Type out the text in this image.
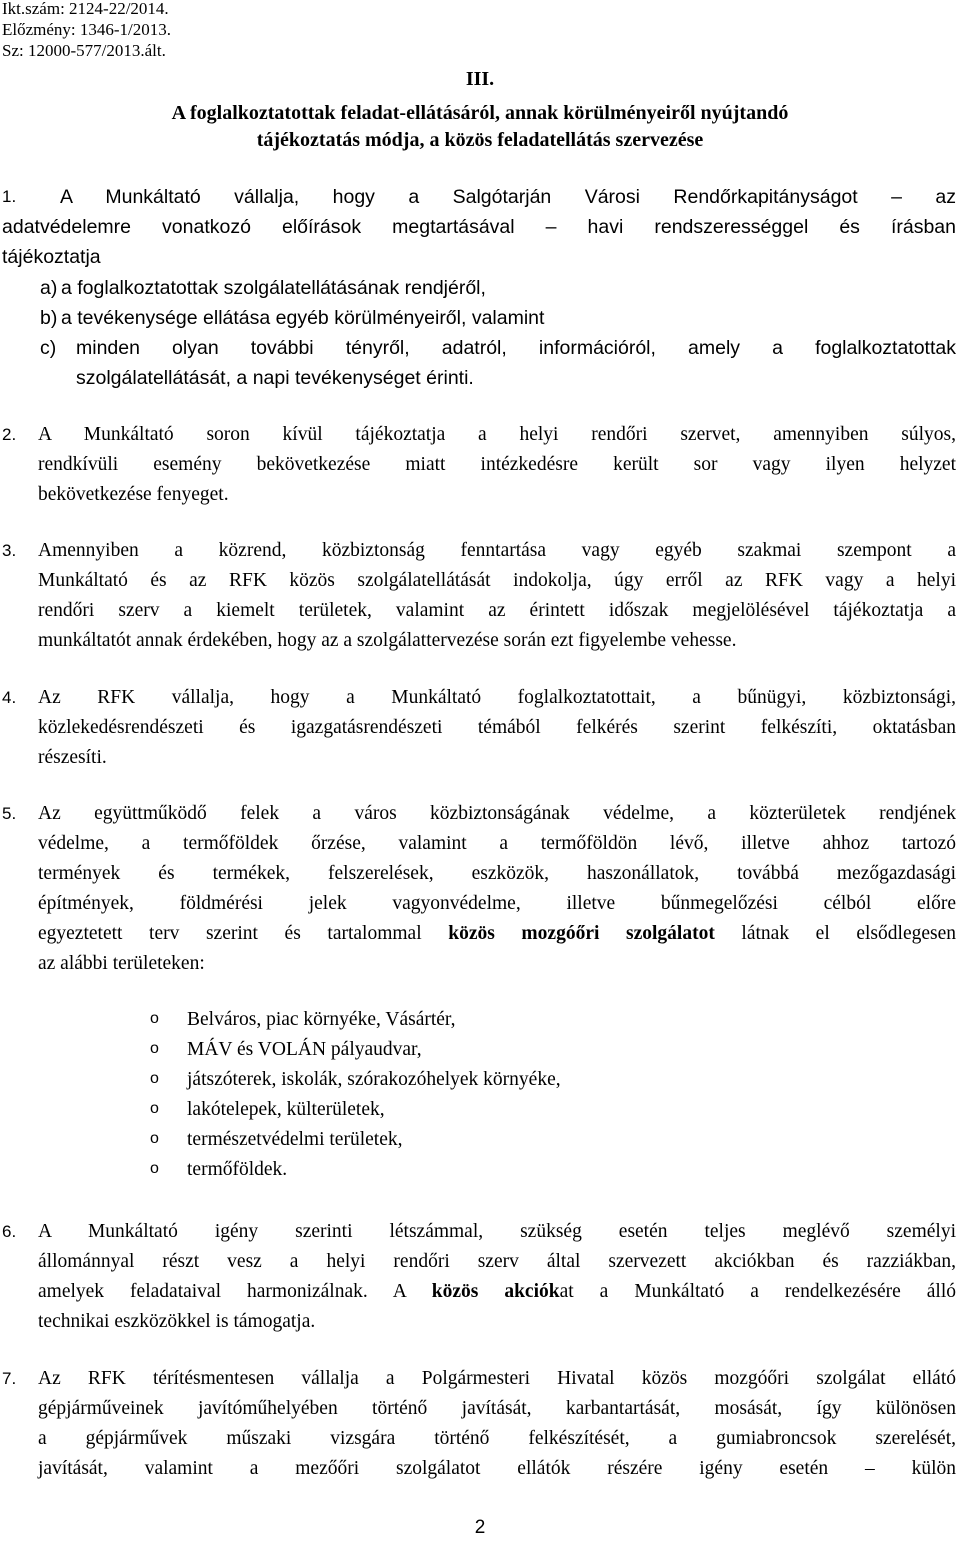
Ikt.szám: 2124-22/2014.
Előzmény: 1346-1/2013.
Sz: 12000-577/2013.ált.
III.
A foglalkoztatottak feladat-ellátásáról, annak körülményeiről nyújtandó
tájékoztatás módja, a közös feladatellátás szervezése
1. A Munkáltató vállalja, hogy a Salgótarján Városi Rendőrkapitányságot – az
adatvédelemre vonatkozó előírások megtartásával – havi rendszerességgel és írásban
tájékoztatja
a) a foglalkoztatottak szolgálatellátásának rendjéről,
b) a tevékenysége ellátása egyéb körülményeiről, valamint
c) minden olyan további tényről, adatról, információról, amely a foglalkoztatottak
szolgálatellátását, a napi tevékenységet érinti.
2. A Munkáltató soron kívül tájékoztatja a helyi rendőri szervet, amennyiben súlyos,
rendkívüli esemény bekövetkezése miatt intézkedésre került sor vagy ilyen helyzet
bekövetkezése fenyeget.
3. Amennyiben a közrend, közbiztonság fenntartása vagy egyéb szakmai szempont a
Munkáltató és az RFK közös szolgálatellátását indokolja, úgy erről az RFK vagy a helyi
rendőri szerv a kiemelt területek, valamint az érintett időszak megjelölésével tájékoztatja a
munkáltatót annak érdekében, hogy az a szolgálattervezése során ezt figyelembe vehesse.
4. Az RFK vállalja, hogy a Munkáltató foglalkoztatottait, a bűnügyi, közbiztonsági,
közlekedésrendészeti és igazgatásrendészeti témából felkérés szerint felkészíti, oktatásban
részesíti.
5. Az együttműködő felek a város közbiztonságának védelme, a közterületek rendjének
védelme, a termőföldek őrzése, valamint a termőföldön lévő, illetve ahhoz tartozó
termények és termékek, felszerelések, eszközök, haszonállatok, továbbá mezőgazdasági
építmények, földmérési jelek vagyonvédelme, illetve bűnmegelőzési célból előre
egyeztetett terv szerint és tartalommal közös mozgóőri szolgálatot látnak el elsődlegesen
az alábbi területeken:
o Belváros, piac környéke, Vásártér,
o MÁV és VOLÁN pályaudvar,
o játszóterek, iskolák, szórakozóhelyek környéke,
o lakótelepek, külterületek,
o természetvédelmi területek,
o termőföldek.
6. A Munkáltató igény szerinti létszámmal, szükség esetén teljes meglévő személyi
állománnyal részt vesz a helyi rendőri szerv által szervezett akciókban és razziákban,
amelyek feladataival harmonizálnak. A közös akciókat a Munkáltató a rendelkezésére álló
technikai eszközökkel is támogatja.
7. Az RFK térítésmentesen vállalja a Polgármesteri Hivatal közös mozgóőri szolgálat ellátó
gépjárműveinek javítóműhelyében történő javítását, karbantartását, mosását, így különösen
a gépjárművek műszaki vizsgára történő felkészítését, a gumiabroncsok szerelését,
javítását, valamint a mezőőri szolgálatot ellátók részére igény esetén – külön
2
